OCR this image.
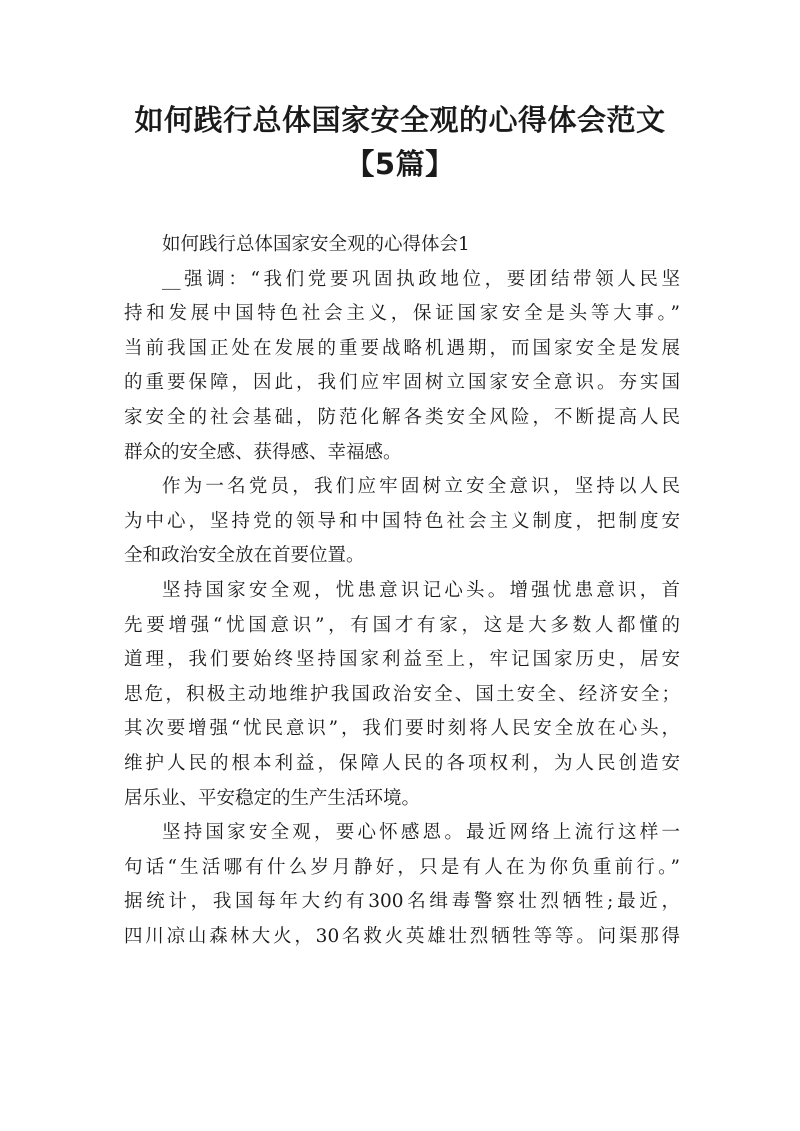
如何践行总体国家安全观的心得体会范文
【5篇】
如何践行总体国家安全观的心得体会1
__强调：“我们党要巩固执政地位，要团结带领人民坚
持和发展中国特色社会主义，保证国家安全是头等大事。”
当前我国正处在发展的重要战略机遇期，而国家安全是发展
的重要保障，因此，我们应牢固树立国家安全意识。夯实国
家安全的社会基础，防范化解各类安全风险，不断提高人民
群众的安全感、获得感、幸福感。
作为一名党员，我们应牢固树立安全意识，坚持以人民
为中心，坚持党的领导和中国特色社会主义制度，把制度安
全和政治安全放在首要位置。
坚持国家安全观，忧患意识记心头。增强忧患意识，首
先要增强“忧国意识”，有国才有家，这是大多数人都懂的
道理，我们要始终坚持国家利益至上，牢记国家历史，居安
思危，积极主动地维护我国政治安全、国土安全、经济安全；
其次要增强“忧民意识”，我们要时刻将人民安全放在心头，
维护人民的根本利益，保障人民的各项权利，为人民创造安
居乐业、平安稳定的生产生活环境。
坚持国家安全观，要心怀感恩。最近网络上流行这样一
句话“生活哪有什么岁月静好，只是有人在为你负重前行。”
据统计，我国每年大约有300名缉毒警察壮烈牺牲;最近，
四川凉山森林大火，30名救火英雄壮烈牺牲等等。问渠那得
